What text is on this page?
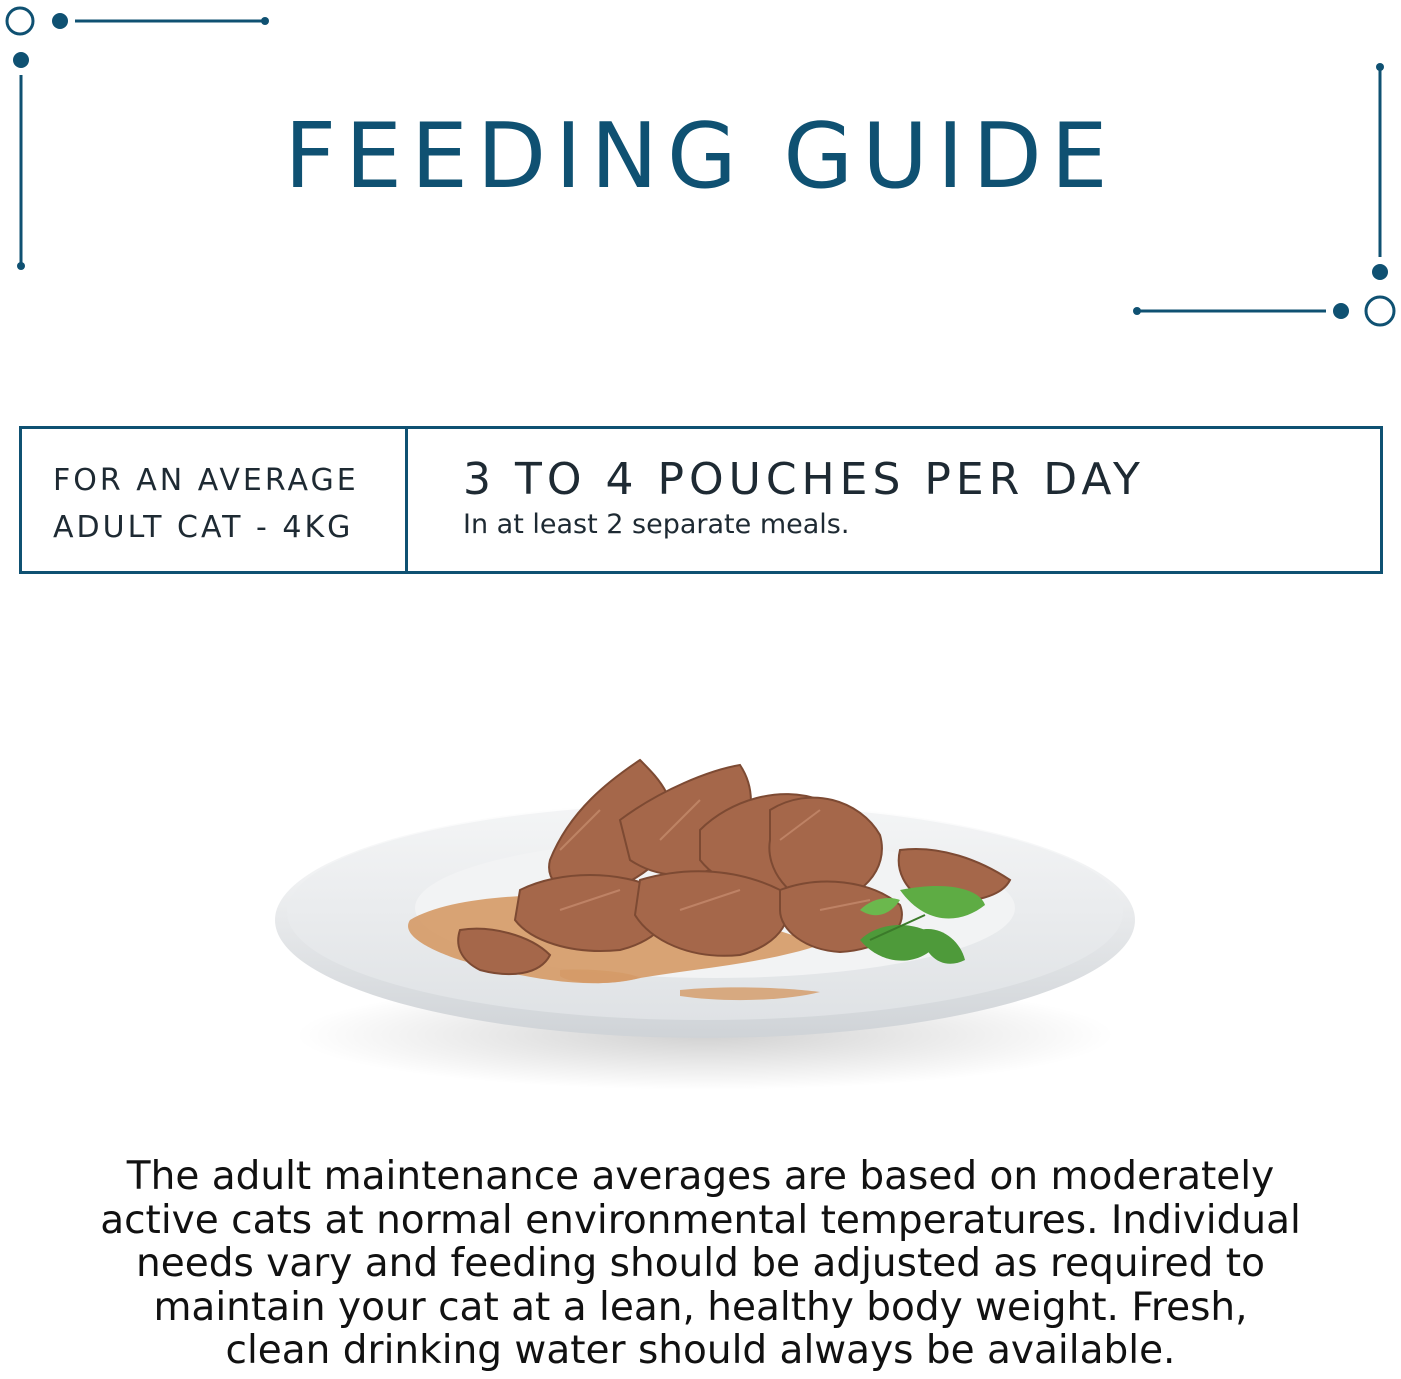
FEEDING GUIDE
FOR AN AVERAGE
ADULT CAT - 4KG
3 TO 4 POUCHES PER DAY
In at least 2 separate meals.

The adult maintenance averages are based on moderately active cats at normal environmental temperatures. Individual needs vary and feeding should be adjusted as required to maintain your cat at a lean, healthy body weight. Fresh, clean drinking water should always be available.
